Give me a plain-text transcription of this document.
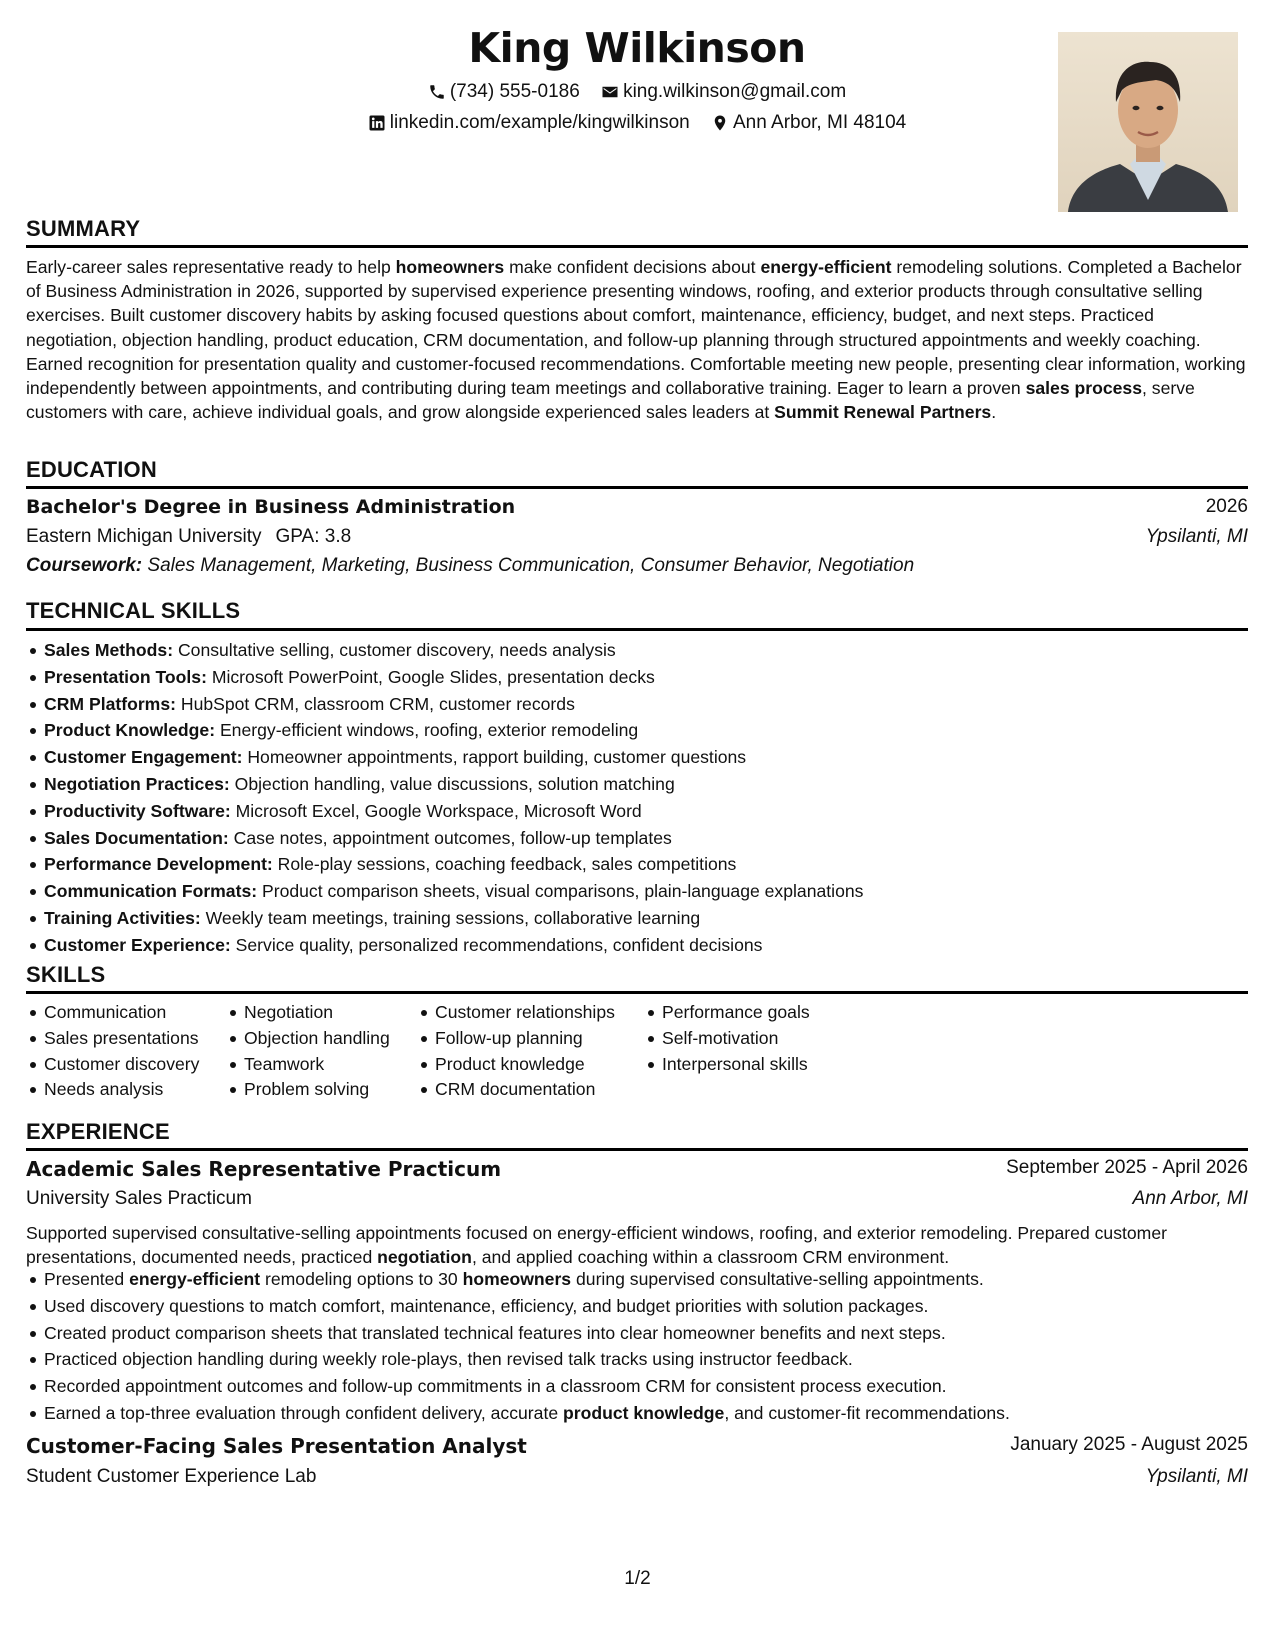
King Wilkinson
(734) 555-0186
king.wilkinson@gmail.com
linkedin.com/example/kingwilkinson
Ann Arbor, MI 48104
SUMMARY
Early-career sales representative ready to help homeowners make confident decisions about energy-efficient remodeling solutions. Completed a Bachelor of Business Administration in 2026, supported by supervised experience presenting windows, roofing, and exterior products through consultative selling exercises. Built customer discovery habits by asking focused questions about comfort, maintenance, efficiency, budget, and next steps. Practiced negotiation, objection handling, product education, CRM documentation, and follow-up planning through structured appointments and weekly coaching. Earned recognition for presentation quality and customer-focused recommendations. Comfortable meeting new people, presenting clear information, working independently between appointments, and contributing during team meetings and collaborative training. Eager to learn a proven sales process, serve customers with care, achieve individual goals, and grow alongside experienced sales leaders at Summit Renewal Partners.
EDUCATION
Bachelor's Degree in Business Administration	2026
Eastern Michigan University GPA: 3.8	Ypsilanti, MI
Coursework: Sales Management, Marketing, Business Communication, Consumer Behavior, Negotiation
TECHNICAL SKILLS
Sales Methods: Consultative selling, customer discovery, needs analysis
Presentation Tools: Microsoft PowerPoint, Google Slides, presentation decks
CRM Platforms: HubSpot CRM, classroom CRM, customer records
Product Knowledge: Energy-efficient windows, roofing, exterior remodeling
Customer Engagement: Homeowner appointments, rapport building, customer questions
Negotiation Practices: Objection handling, value discussions, solution matching
Productivity Software: Microsoft Excel, Google Workspace, Microsoft Word
Sales Documentation: Case notes, appointment outcomes, follow-up templates
Performance Development: Role-play sessions, coaching feedback, sales competitions
Communication Formats: Product comparison sheets, visual comparisons, plain-language explanations
Training Activities: Weekly team meetings, training sessions, collaborative learning
Customer Experience: Service quality, personalized recommendations, confident decisions
SKILLS
Communication
Sales presentations
Customer discovery
Needs analysis
Negotiation
Objection handling
Teamwork
Problem solving
Customer relationships
Follow-up planning
Product knowledge
CRM documentation
Performance goals
Self-motivation
Interpersonal skills
EXPERIENCE
Academic Sales Representative Practicum	September 2025 - April 2026
University Sales Practicum	Ann Arbor, MI
Supported supervised consultative-selling appointments focused on energy-efficient windows, roofing, and exterior remodeling. Prepared customer presentations, documented needs, practiced negotiation, and applied coaching within a classroom CRM environment.
Presented energy-efficient remodeling options to 30 homeowners during supervised consultative-selling appointments.
Used discovery questions to match comfort, maintenance, efficiency, and budget priorities with solution packages.
Created product comparison sheets that translated technical features into clear homeowner benefits and next steps.
Practiced objection handling during weekly role-plays, then revised talk tracks using instructor feedback.
Recorded appointment outcomes and follow-up commitments in a classroom CRM for consistent process execution.
Earned a top-three evaluation through confident delivery, accurate product knowledge, and customer-fit recommendations.
Customer-Facing Sales Presentation Analyst	January 2025 - August 2025
Student Customer Experience Lab	Ypsilanti, MI
1/2
